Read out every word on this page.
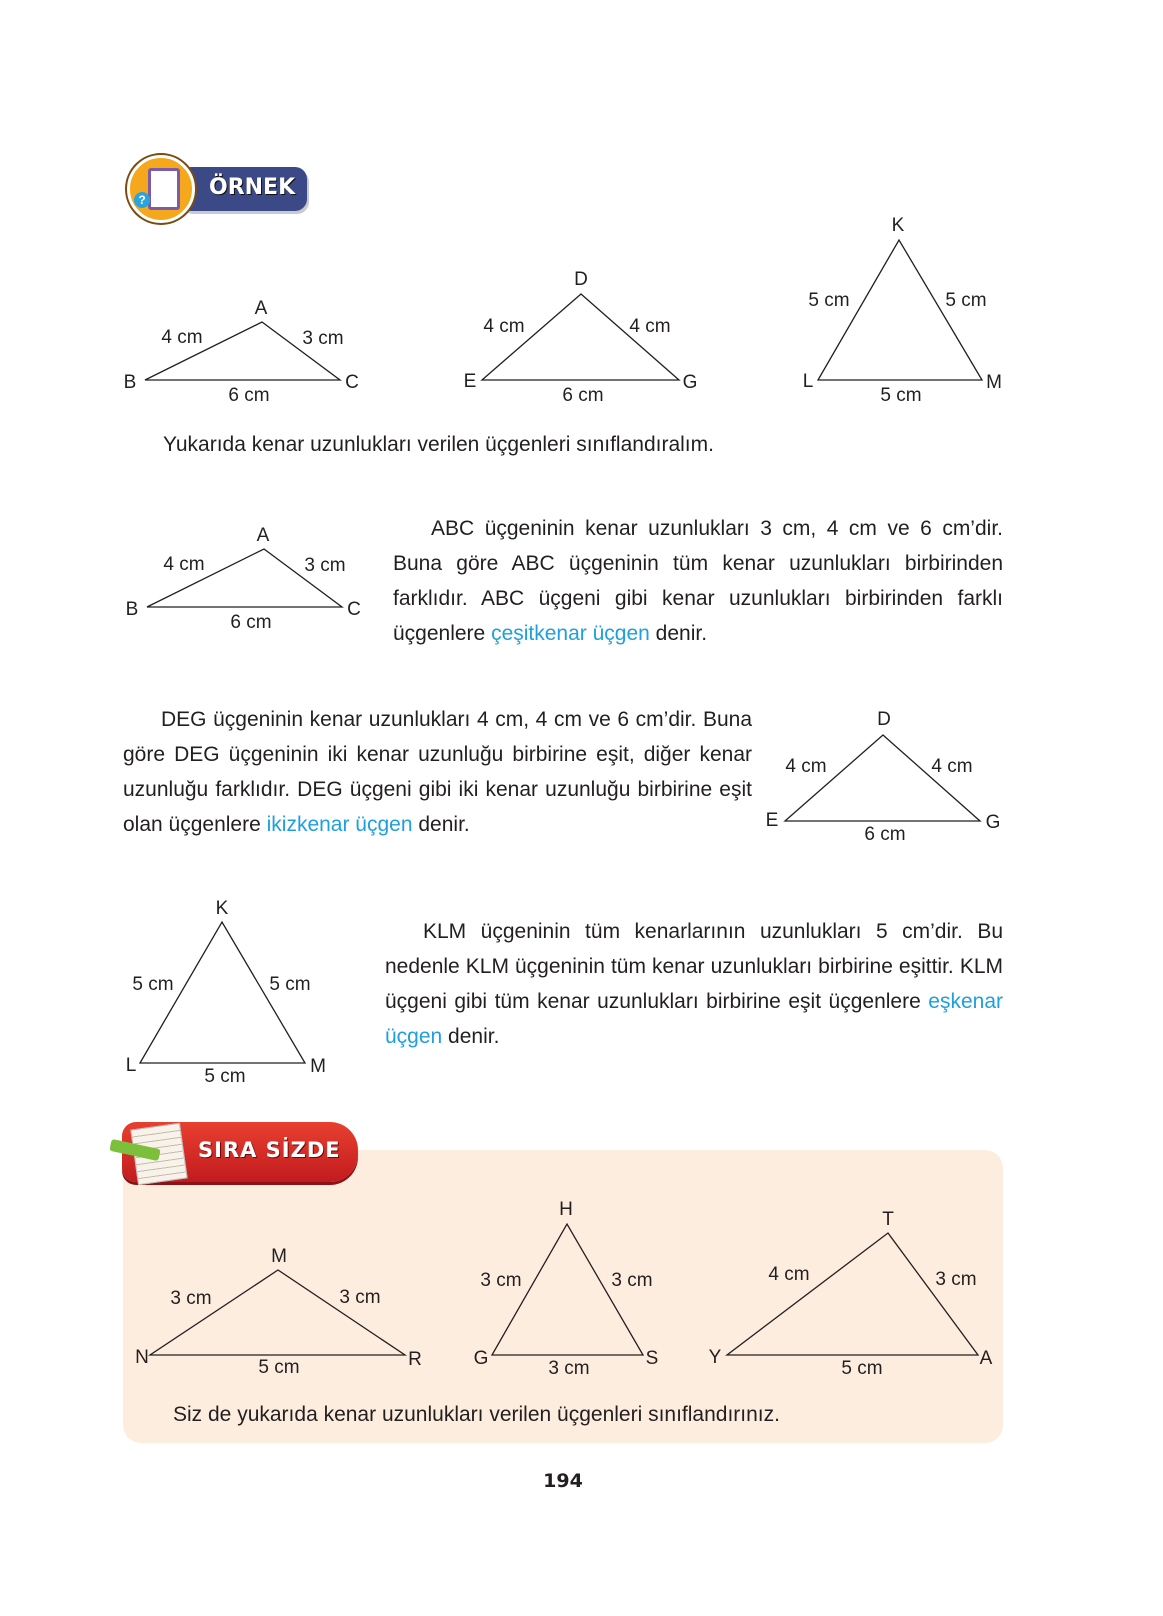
ÖRNEK
?
SIRA SİZDE
A
B	C
4 cm	3 cm
6 cm
D
E	G
4 cm	4 cm
6 cm
K
L	M
5 cm	5 cm
5 cm
Yukarıda kenar uzunlukları verilen üçgenleri sınıflandıralım.
A
B	C
4 cm	3 cm
6 cm
ABC üçgeninin kenar uzunlukları 3 cm, 4 cm ve 6 cm’dir. Buna göre ABC üçgeninin tüm kenar uzunlukları birbirinden farklıdır. ABC üçgeni gibi kenar uzunlukları birbirinden farklı üçgenlere çeşitkenar üçgen denir.
DEG üçgeninin kenar uzunlukları 4 cm, 4 cm ve 6 cm’dir. Buna göre DEG üçgeninin iki kenar uzunluğu birbirine eşit, diğer kenar uzunluğu farklıdır. DEG üçgeni gibi iki kenar uzunluğu birbirine eşit olan üçgenlere ikizkenar üçgen denir.
D
E	G
4 cm	4 cm
6 cm
K
L	M
5 cm	5 cm
5 cm
KLM üçgeninin tüm kenarlarının uzunlukları 5 cm’dir. Bu nedenle KLM üçgeninin tüm kenar uzunlukları birbirine eşittir. KLM üçgeni gibi tüm kenar uzunlukları birbirine eşit üçgenlere eşkenar üçgen denir.
M
N	R
3 cm	3 cm
5 cm
H
G	S
3 cm	3 cm
3 cm
T
Y	A
4 cm	3 cm
5 cm
Siz de yukarıda kenar uzunlukları verilen üçgenleri sınıflandırınız.
194
